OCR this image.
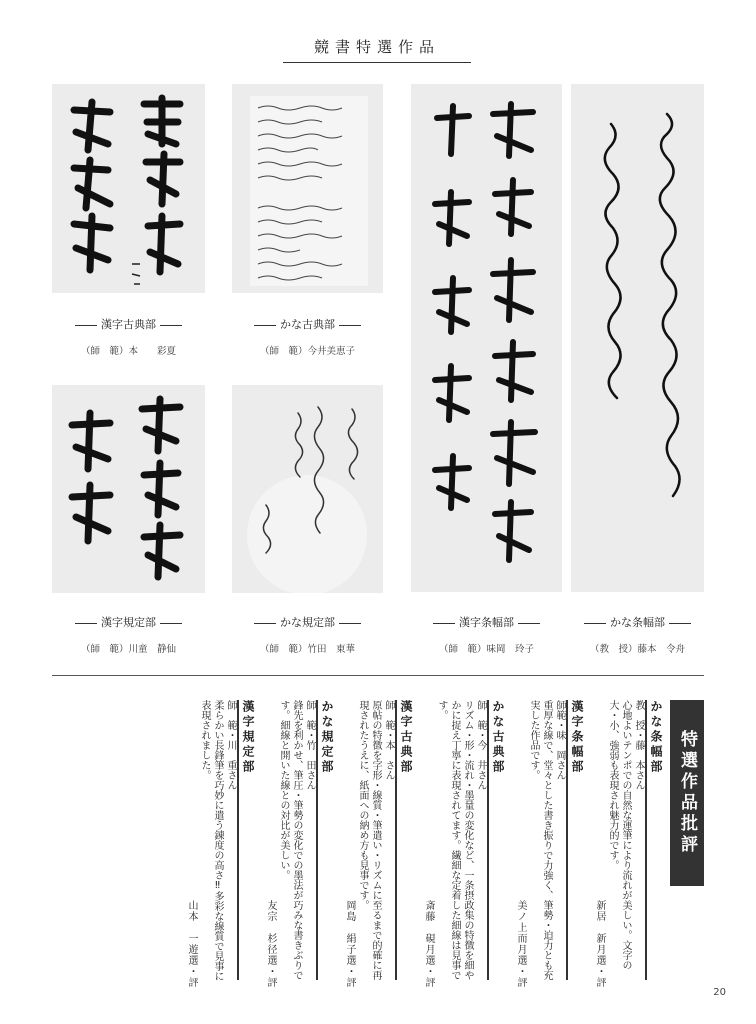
競書特選作品
漢字古典部
（師　範）本　　彩夏
かな古典部
（師　範）今井美恵子
漢字条幅部
（師　範）味岡　玲子
かな条幅部
（教　授）藤本　令舟
漢字規定部
（師　範）川童　静仙
かな規定部
（師　範）竹田　東華
特選作品批評
かな条幅部
教　授・藤　本さん
心地よいテンポでの自然な運筆により流れが美しい。文字の大・小、強弱も表現され魅力的です。
新居　新月選・評
漢字条幅部
師範・味　岡さん
重厚な線で、堂々とした書き振りで力強く、筆勢・迫力とも充実した作品です。
美ノ上而月選・評
かな古典部
師　範・今　井さん
リズム・形・流れ・墨量の変化など、一条摂政集の特徴を細やかに捉え丁寧に表現されてます。繊細な定着した細線は見事です。
斎藤　硯月選・評
漢字古典部
師　範・本　さん
原帖の特徴を字形・線質・筆遣い・リズムに至るまで的確に再現されたうえに、紙面への納め方も見事です。
岡島　絹子選・評
かな規定部
師　範・竹　田さん
鋒先を利かせ、筆圧・筆勢の変化での墨法が巧みな書きぶりです。細線と開いた線との対比が美しい。
友宗　杉径選・評
漢字規定部
師　範・川　重さん
柔らかい長鋒筆を巧妙に遣う錬度の高さ‼多彩な線質で見事に表現されました。
山本　一遊選・評
20
